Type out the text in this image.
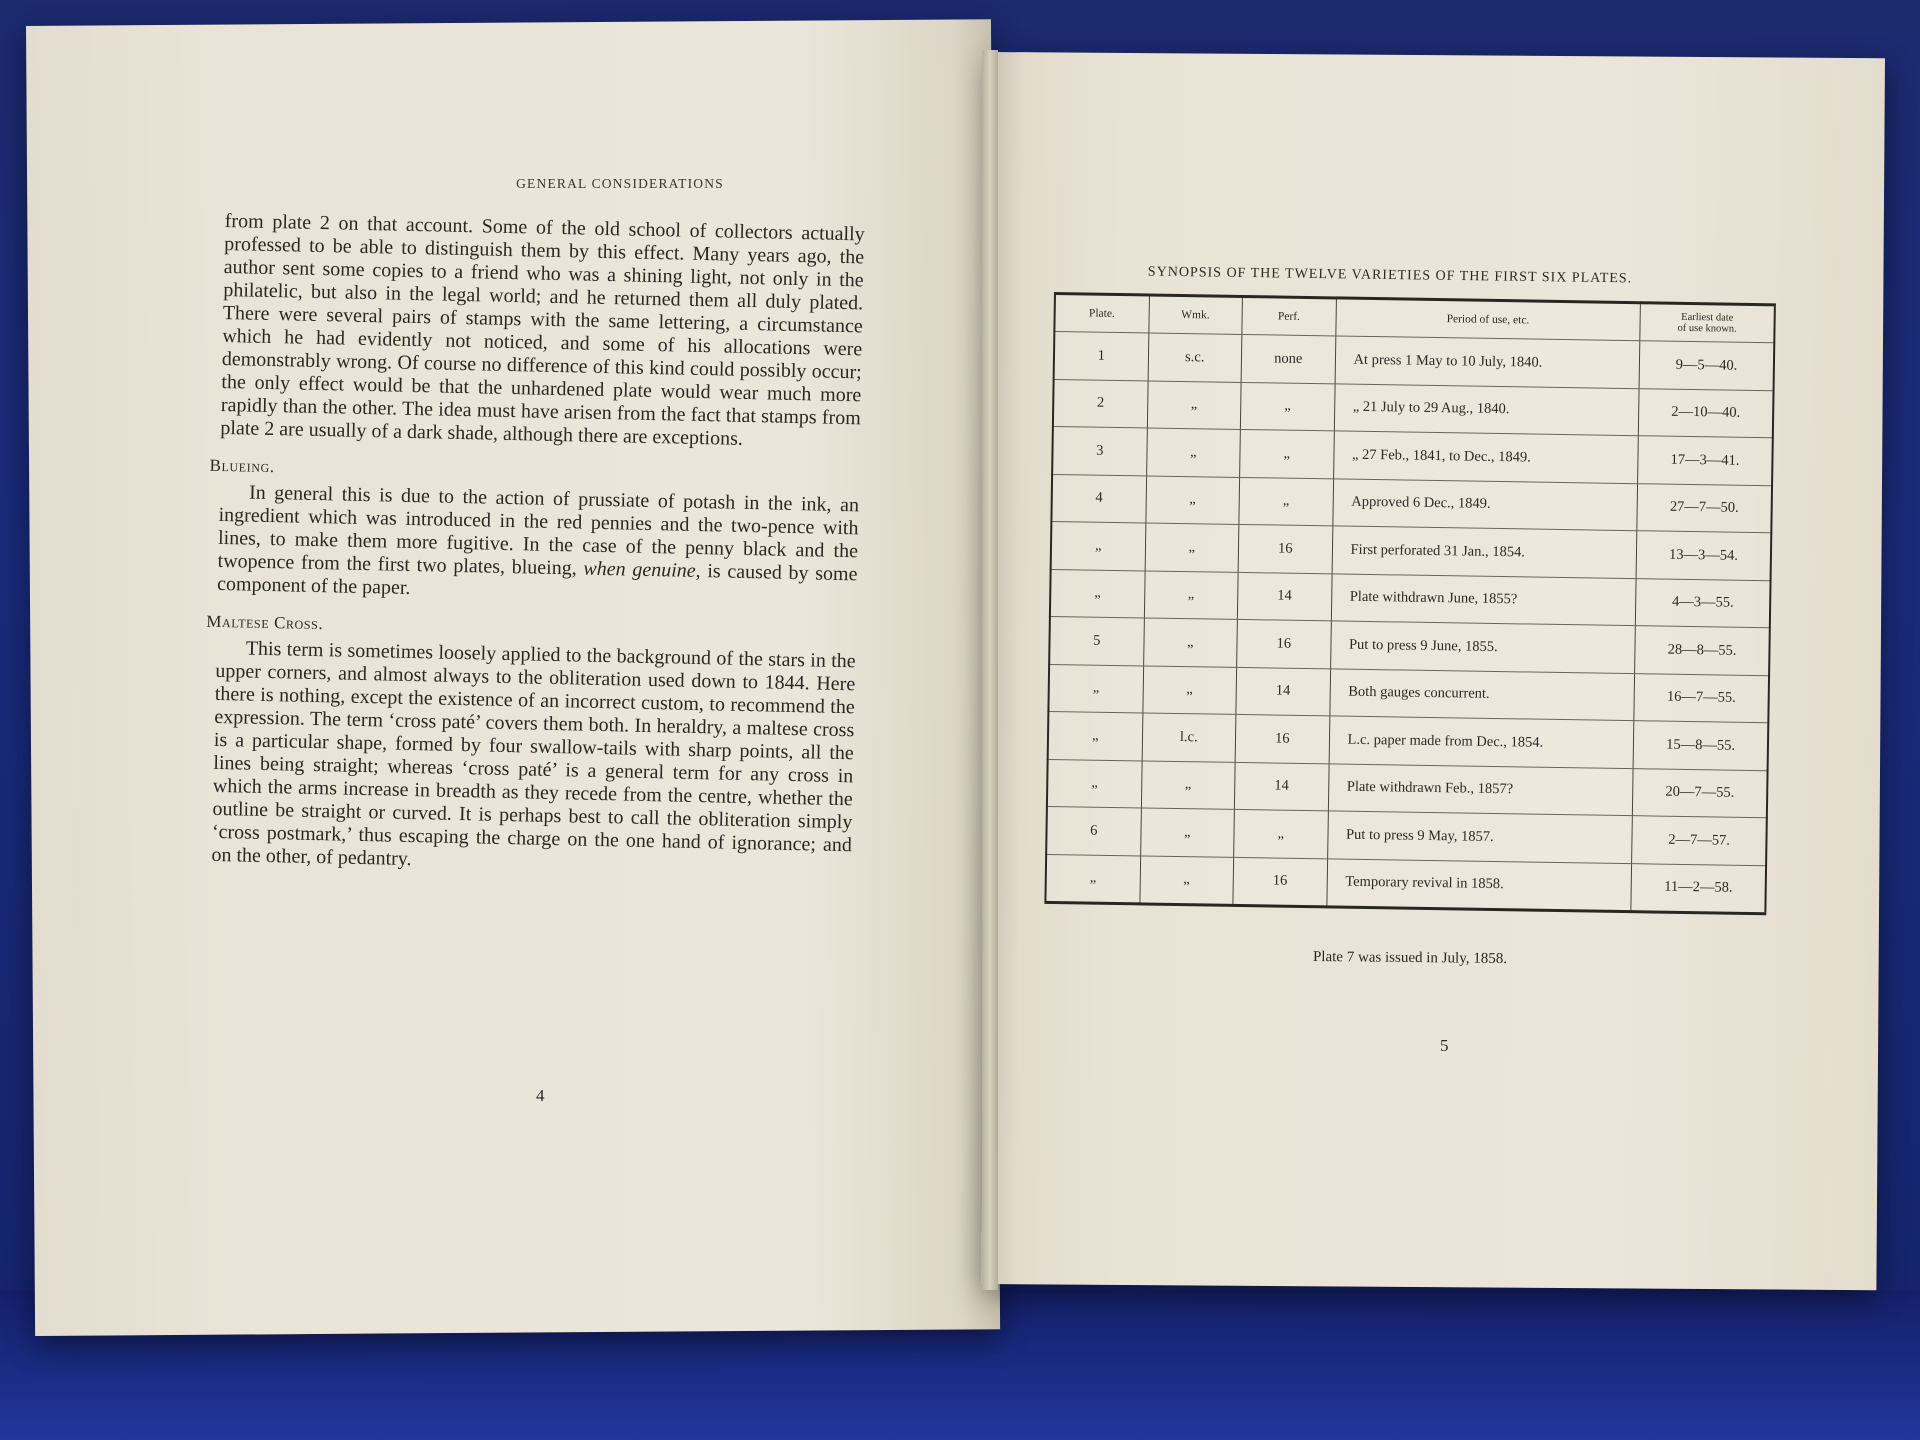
GENERAL CONSIDERATIONS

from plate 2 on that account. Some of the old school of collectors actually professed to be able to distinguish them by this effect. Many years ago, the author sent some copies to a friend who was a shining light, not only in the philatelic, but also in the legal world; and he returned them all duly plated. There were several pairs of stamps with the same lettering, a circumstance which he had evidently not noticed, and some of his allocations were demonstrably wrong. Of course no difference of this kind could possibly occur; the only effect would be that the unhardened plate would wear much more rapidly than the other. The idea must have arisen from the fact that stamps from plate 2 are usually of a dark shade, although there are exceptions.

Blueing.

In general this is due to the action of prussiate of potash in the ink, an ingredient which was introduced in the red pennies and the two-pence with lines, to make them more fugitive. In the case of the penny black and the twopence from the first two plates, blueing, when genuine, is caused by some component of the paper.

Maltese Cross.

This term is sometimes loosely applied to the background of the stars in the upper corners, and almost always to the obliteration used down to 1844. Here there is nothing, except the existence of an incorrect custom, to recommend the expression. The term ‘cross paté’ covers them both. In heraldry, a maltese cross is a particular shape, formed by four swallow-tails with sharp points, all the lines being straight; whereas ‘cross paté’ is a general term for any cross in which the arms increase in breadth as they recede from the centre, whether the outline be straight or curved. It is perhaps best to call the obliteration simply ‘cross postmark,’ thus escaping the charge on the one hand of ignorance; and on the other, of pedantry.

4
SYNOPSIS OF THE TWELVE VARIETIES OF THE FIRST SIX PLATES.
Plate.	Wmk.	Perf.	Period of use, etc.	Earliest date
of use known.

1	s.c.	none	At press 1 May to 10 July, 1840.	9—5—40.
2	„	„	„ 21 July to 29 Aug., 1840.	2—10—40.
3	„	„	„ 27 Feb., 1841, to Dec., 1849.	17—3—41.
4	„	„	Approved 6 Dec., 1849.	27—7—50.
„	„	16	First perforated 31 Jan., 1854.	13—3—54.
„	„	14	Plate withdrawn June, 1855?	4—3—55.
5	„	16	Put to press 9 June, 1855.	28—8—55.
„	„	14	Both gauges concurrent.	16—7—55.
„	l.c.	16	L.c. paper made from Dec., 1854.	15—8—55.
„	„	14	Plate withdrawn Feb., 1857?	20—7—55.
6	„	„	Put to press 9 May, 1857.	2—7—57.
„	„	16	Temporary revival in 1858.	11—2—58.
Plate 7 was issued in July, 1858.
5
